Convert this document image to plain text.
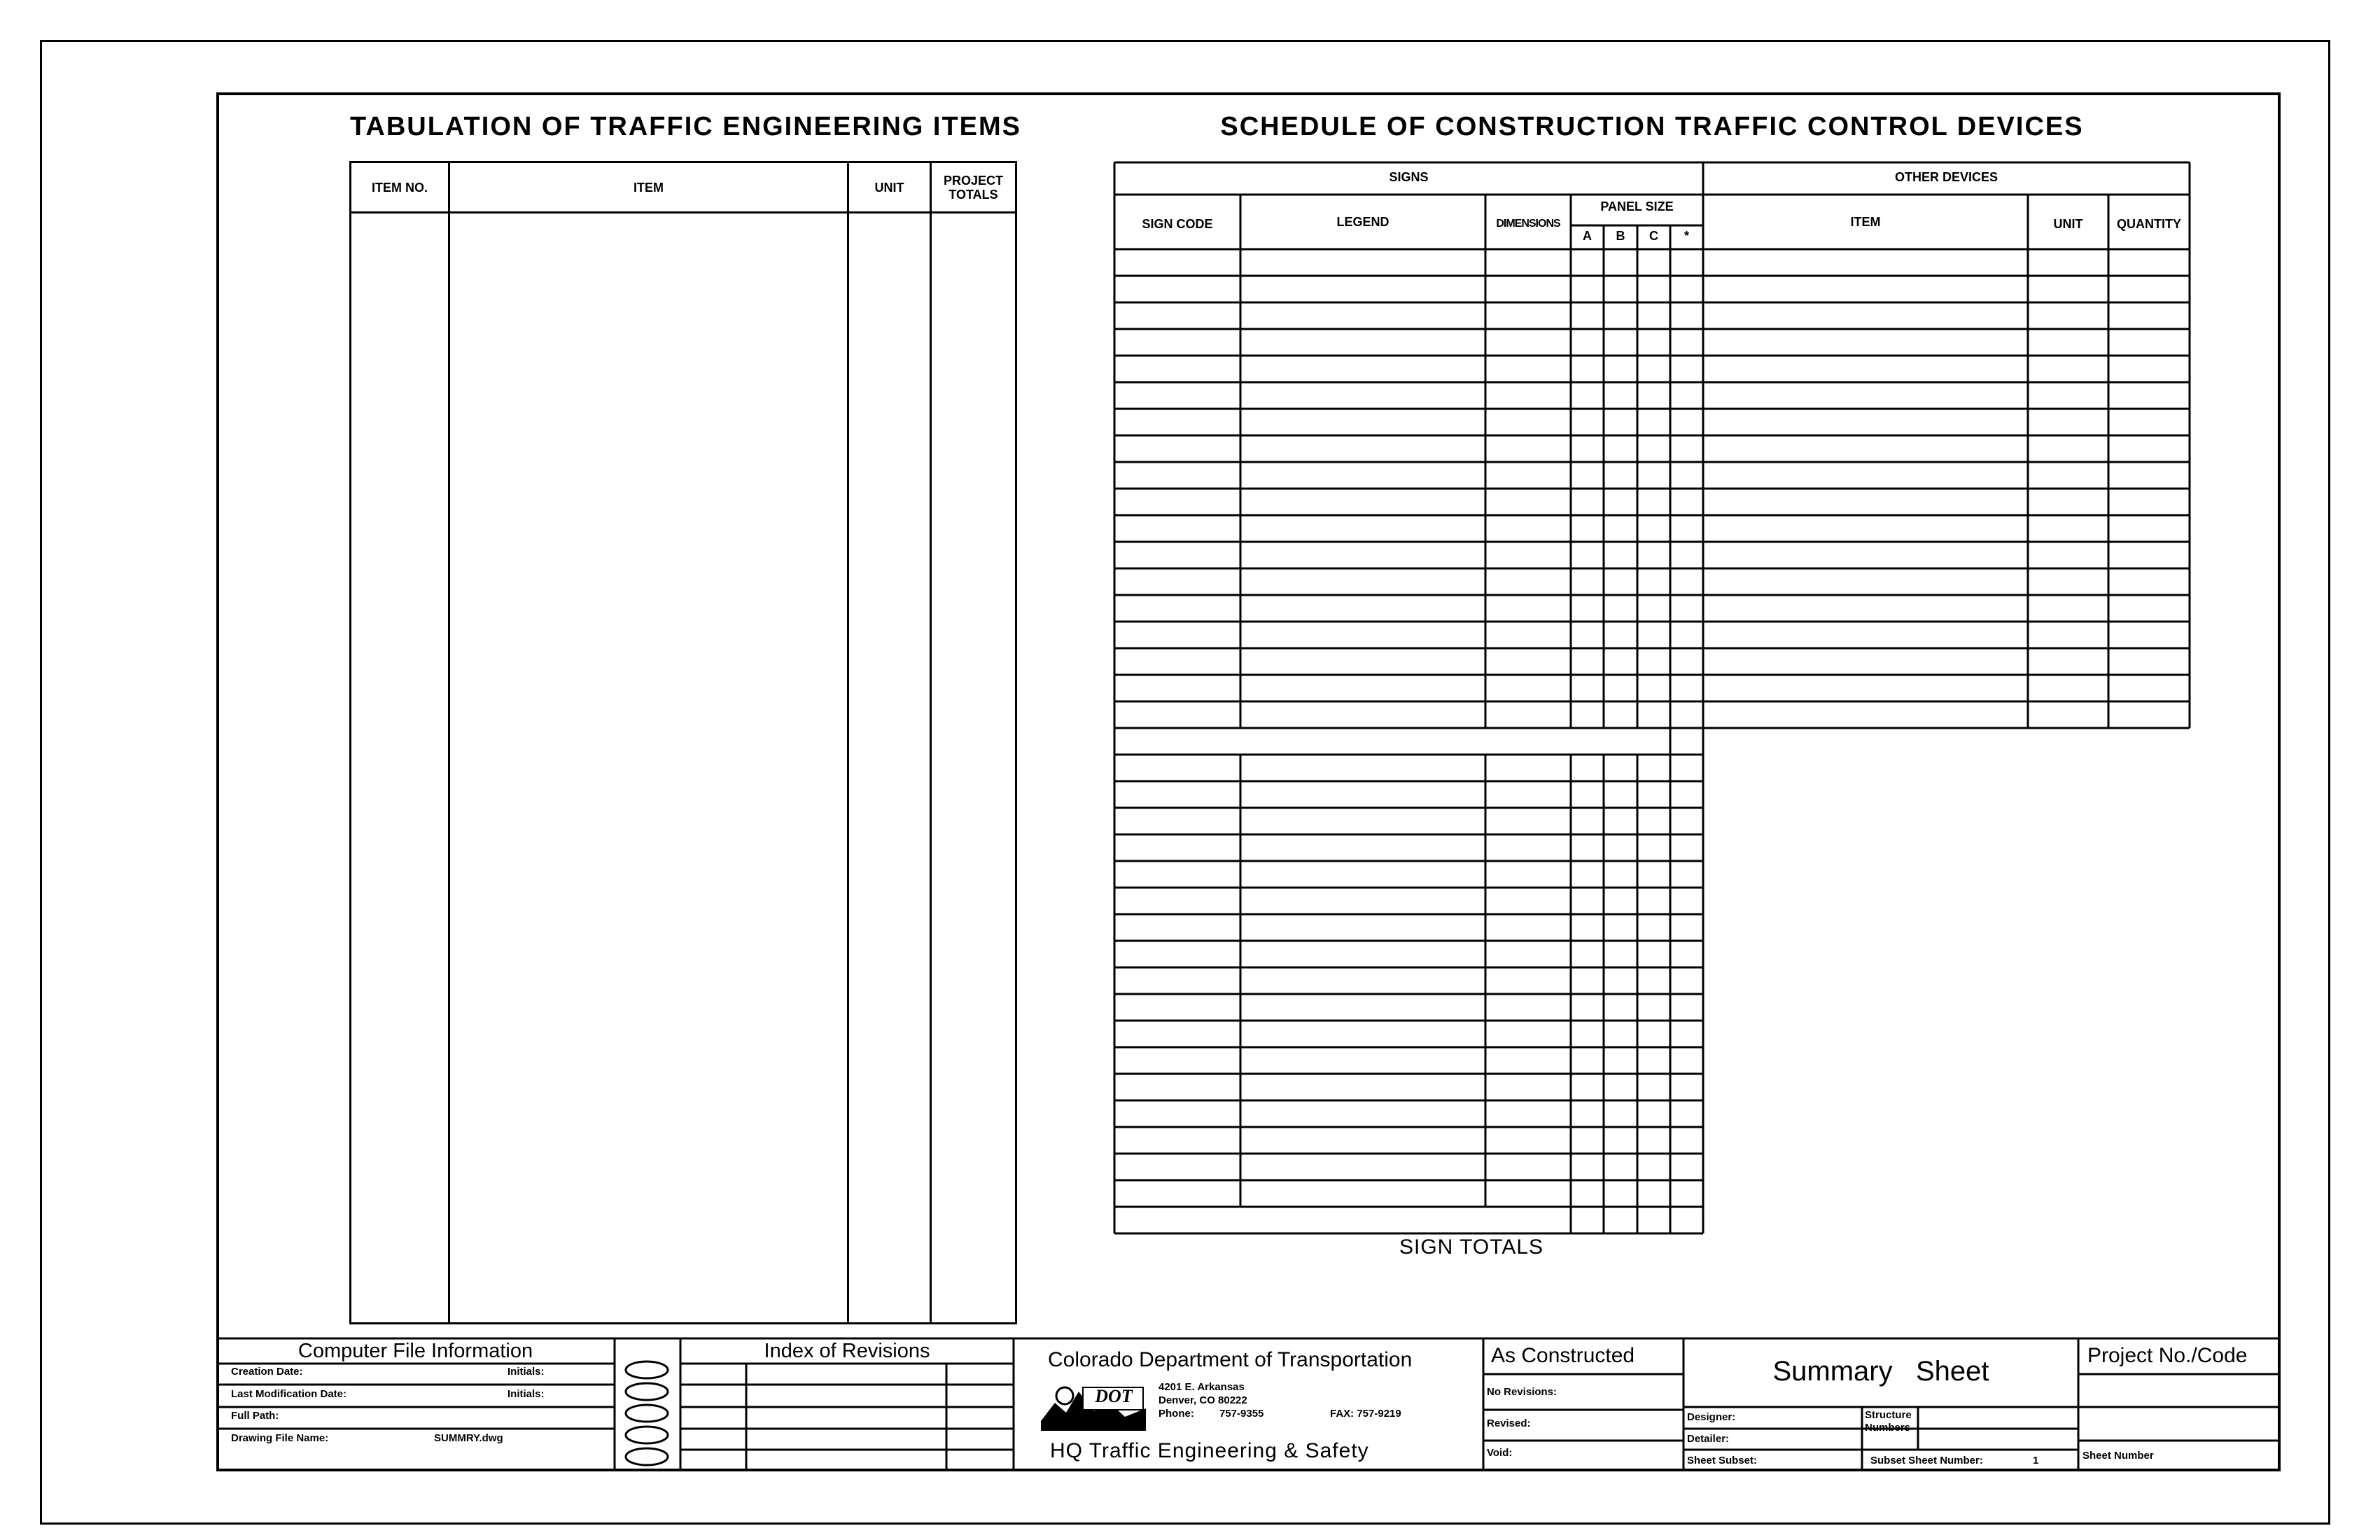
TABULATION OF TRAFFIC ENGINEERING ITEMS
ITEM NO.	ITEM	UNIT	PROJECT TOTALS

SCHEDULE OF CONSTRUCTION TRAFFIC CONTROL DEVICES
SIGNS	OTHER DEVICES
SIGN CODE	LEGEND	DIMENSIONS
PANEL SIZE
A	B	C	*
ITEM	UNIT	QUANTITY
SIGN TOTALS
Computer File Information
Creation Date:	Initials:
Last Modification Date:	Initials:
Full Path:
Drawing File Name:	SUMMRY.dwg
Index of Revisions	Colorado Department of Transportation
DOT	4201 E. Arkansas
Denver, CO 80222
Phone: 757-9355	FAX: 757-9219
HQ Traffic Engineering & Safety
As Constructed
No Revisions:
Revised:
Void:
Summary   Sheet
Designer:
Detailer:
Sheet Subset:
Structure Numbers
Subset Sheet Number:	1
Project No./Code
Sheet Number
